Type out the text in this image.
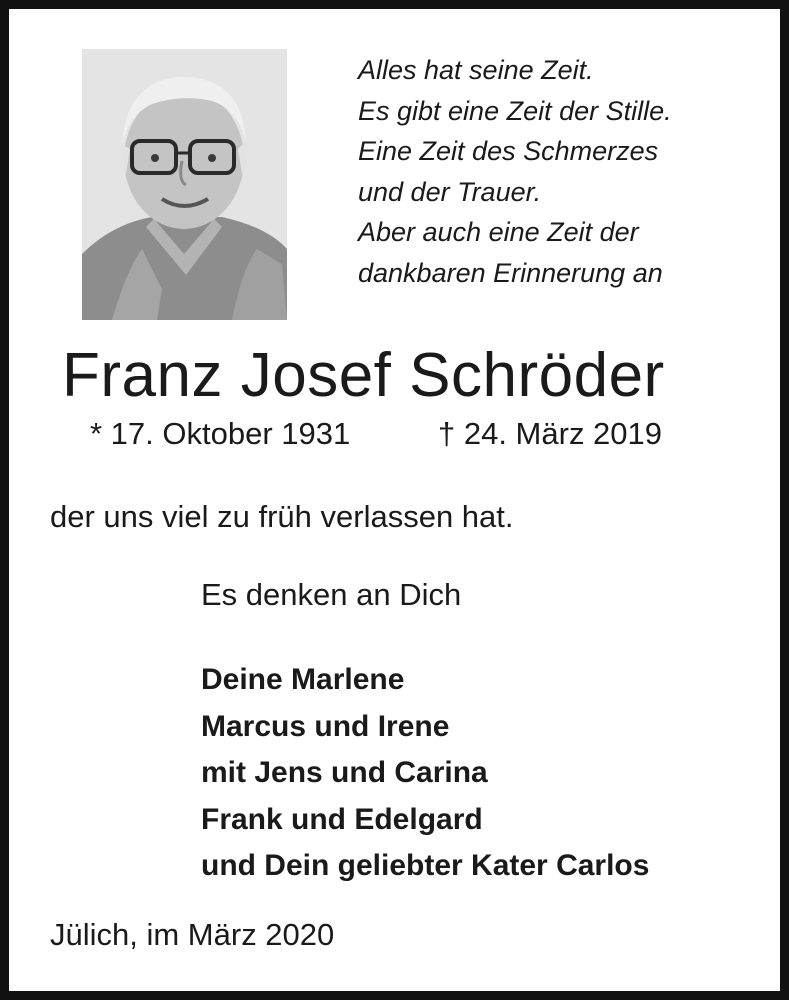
Alles hat seine Zeit.
Es gibt eine Zeit der Stille.
Eine Zeit des Schmerzes
und der Trauer.
Aber auch eine Zeit der
dankbaren Erinnerung an
Franz Josef Schröder
* 17. Oktober 1931	† 24. März 2019
der uns viel zu früh verlassen hat.
Es denken an Dich
Deine Marlene
Marcus und Irene
mit Jens und Carina
Frank und Edelgard
und Dein geliebter Kater Carlos
Jülich, im März 2020
